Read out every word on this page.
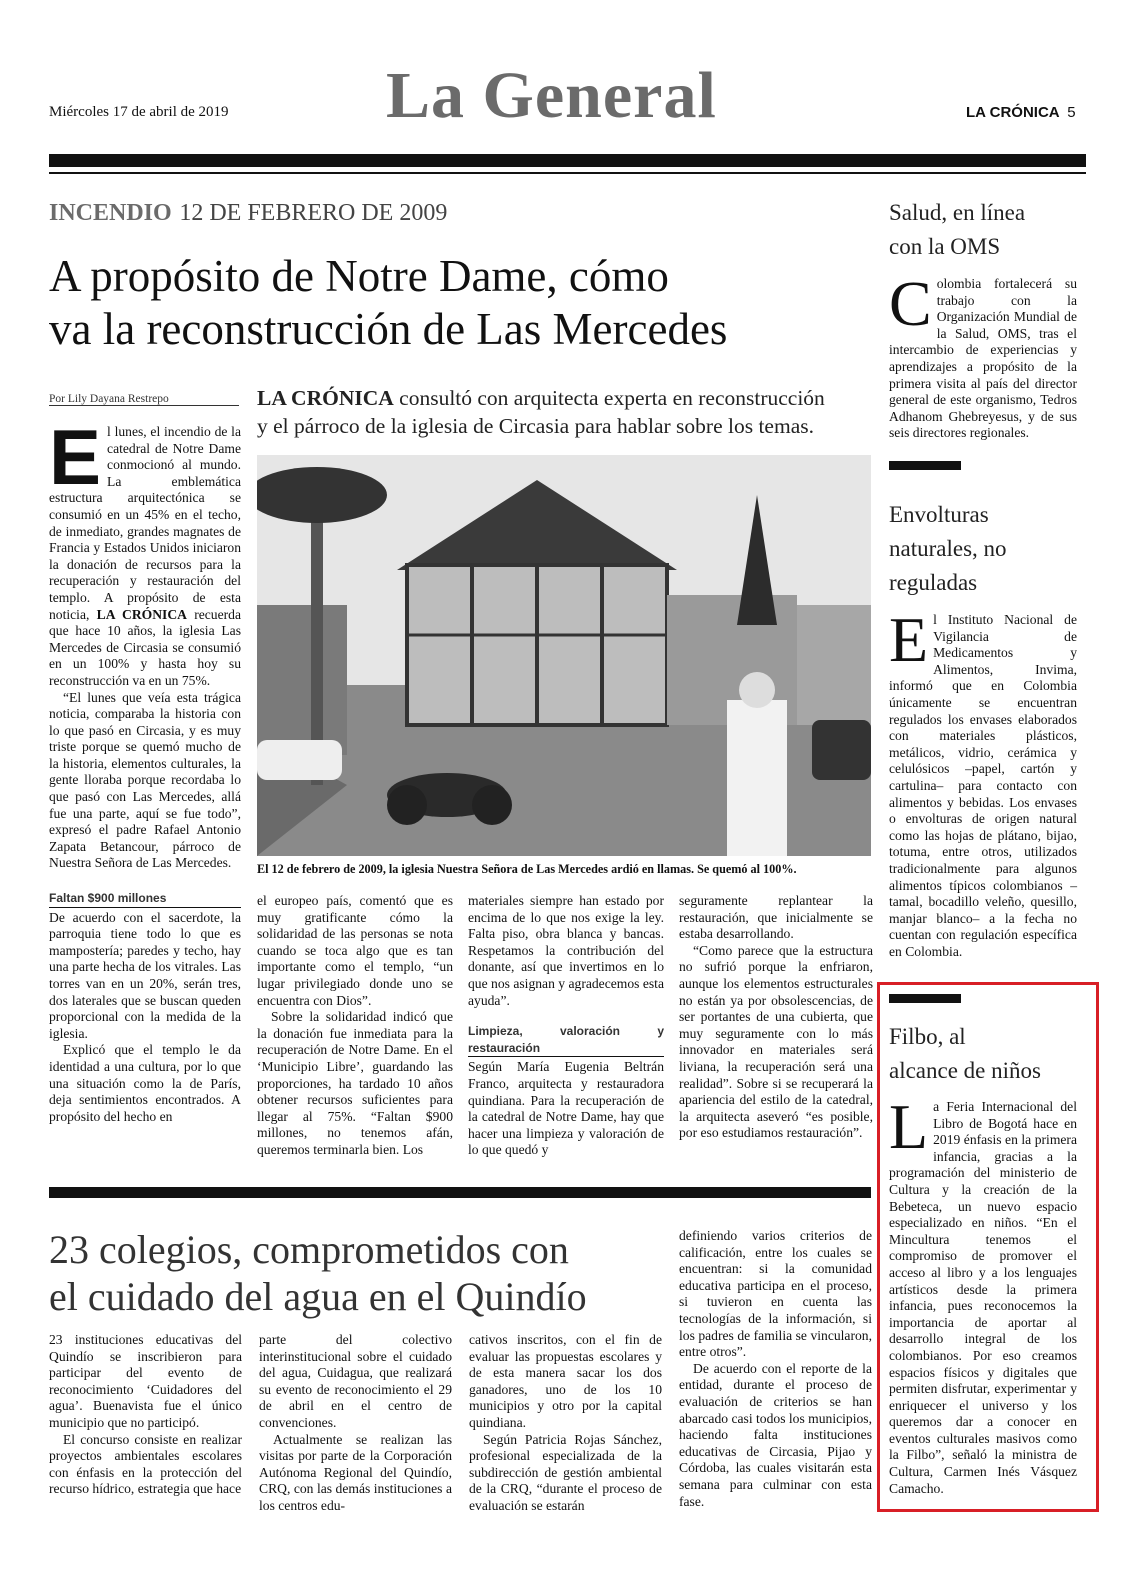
Miércoles 17 de abril de 2019 La General	LA CRÓNICA 5
INCENDIO 12 DE FEBRERO DE 2009
A propósito de Notre Dame, cómo
va la reconstrucción de Las Mercedes
Por Lily Dayana Restrepo	LA CRÓNICA consultó con arquitecta experta en reconstrucción
y el párroco de la iglesia de Circasia para hablar sobre los temas.
El 12 de febrero de 2009, la iglesia Nuestra Señora de Las Mercedes ardió en llamas. Se quemó al 100%.

El lunes, el incendio de la catedral de Notre Dame conmocionó al mundo. La emblemática estructura arquitectónica se consumió en un 45% en el techo, de inmediato, grandes magnates de Francia y Estados Unidos iniciaron la donación de recursos para la recuperación y restauración del templo. A propósito de esta noticia, LA CRÓNICA recuerda que hace 10 años, la iglesia Las Mercedes de Circasia se consumió en un 100% y hasta hoy su reconstrucción va en un 75%.

“El lunes que veía esta trágica noticia, comparaba la historia con lo que pasó en Circasia, y es muy triste porque se quemó mucho de la historia, elementos culturales, la gente lloraba porque recordaba lo que pasó con Las Mercedes, allá fue una parte, aquí se fue todo”, expresó el padre Rafael Antonio Zapata Betancour, párroco de Nuestra Señora de Las Mercedes.

Faltan $900 millones

De acuerdo con el sacerdote, la parroquia tiene todo lo que es mampostería; paredes y techo, hay una parte hecha de los vitrales. Las torres van en un 20%, serán tres, dos laterales que se buscan queden proporcional con la medida de la iglesia.

Explicó que el templo le da identidad a una cultura, por lo que una situación como la de París, deja sentimientos encontrados. A propósito del hecho en

el europeo país, comentó que es muy gratificante cómo la solidaridad de las personas se nota cuando se toca algo que es tan importante como el templo, “un lugar privilegiado donde uno se encuentra con Dios”.

Sobre la solidaridad indicó que la donación fue inmediata para la recuperación de Notre Dame. En el ‘Municipio Libre’, guardando las proporciones, ha tardado 10 años obtener recursos suficientes para llegar al 75%. “Faltan $900 millones, no tenemos afán, queremos terminarla bien. Los

materiales siempre han estado por encima de lo que nos exige la ley. Falta piso, obra blanca y bancas. Respetamos la contribución del donante, así que invertimos en lo que nos asignan y agradecemos esta ayuda”.

Limpieza, valoración y restauración

Según María Eugenia Beltrán Franco, arquitecta y restauradora quindiana. Para la recuperación de la catedral de Notre Dame, hay que hacer una limpieza y valoración de lo que quedó y

seguramente replantear la restauración, que inicialmente se estaba desarrollando.

“Como parece que la estructura no sufrió porque la enfriaron, aunque los elementos estructurales no están ya por obsolescencias, de ser portantes de una cubierta, que muy seguramente con lo más innovador en materiales será liviana, la recuperación será una realidad”. Sobre si se recuperará la apariencia del estilo de la catedral, la arquitecta aseveró “es posible, por eso estudiamos restauración”.

Salud, en línea
con la OMS

Colombia fortalecerá su trabajo con la Organización Mundial de la Salud, OMS, tras el intercambio de experiencias y aprendizajes a propósito de la primera visita al país del director general de este organismo, Tedros Adhanom Ghebreyesus, y de sus seis directores regionales.

Envolturas
naturales, no
reguladas

El Instituto Nacional de Vigilancia de Medicamentos y Alimentos, Invima, informó que en Colombia únicamente se encuentran regulados los envases elaborados con materiales plásticos, metálicos, vidrio, cerámica y celulósicos –papel, cartón y cartulina– para contacto con alimentos y bebidas. Los envases o envolturas de origen natural como las hojas de plátano, bijao, totuma, entre otros, utilizados tradicionalmente para algunos alimentos típicos colombianos –tamal, bocadillo veleño, quesillo, manjar blanco– a la fecha no cuentan con regulación específica en Colombia.

Filbo, al
alcance de niños

La Feria Internacional del Libro de Bogotá hace en 2019 énfasis en la primera infancia, gracias a la programación del ministerio de Cultura y la creación de la Bebeteca, un nuevo espacio especializado en niños. “En el Mincultura tenemos el compromiso de promover el acceso al libro y a los lenguajes artísticos desde la primera infancia, pues reconocemos la importancia de aportar al desarrollo integral de los colombianos. Por eso creamos espacios físicos y digitales que permiten disfrutar, experimentar y enriquecer el universo y los queremos dar a conocer en eventos culturales masivos como la Filbo”, señaló la ministra de Cultura, Carmen Inés Vásquez Camacho.

23 colegios, comprometidos con
el cuidado del agua en el Quindío

23 instituciones educativas del Quindío se inscribieron para participar del evento de reconocimiento ‘Cuidadores del agua’. Buenavista fue el único municipio que no participó.

El concurso consiste en realizar proyectos ambientales escolares con énfasis en la protección del recurso hídrico, estrategia que hace

parte del colectivo interinstitucional sobre el cuidado del agua, Cuidagua, que realizará su evento de reconocimiento el 29 de abril en el centro de convenciones.

Actualmente se realizan las visitas por parte de la Corporación Autónoma Regional del Quindío, CRQ, con las demás instituciones a los centros edu-

cativos inscritos, con el fin de evaluar las propuestas escolares y de esta manera sacar los dos ganadores, uno de los 10 municipios y otro por la capital quindiana.

Según Patricia Rojas Sánchez, profesional especializada de la subdirección de gestión ambiental de la CRQ, “durante el proceso de evaluación se estarán

definiendo varios criterios de calificación, entre los cuales se encuentran: si la comunidad educativa participa en el proceso, si tuvieron en cuenta las tecnologías de la información, si los padres de familia se vincularon, entre otros”.

De acuerdo con el reporte de la entidad, durante el proceso de evaluación de criterios se han abarcado casi todos los municipios, haciendo falta instituciones educativas de Circasia, Pijao y Córdoba, las cuales visitarán esta semana para culminar con esta fase.
